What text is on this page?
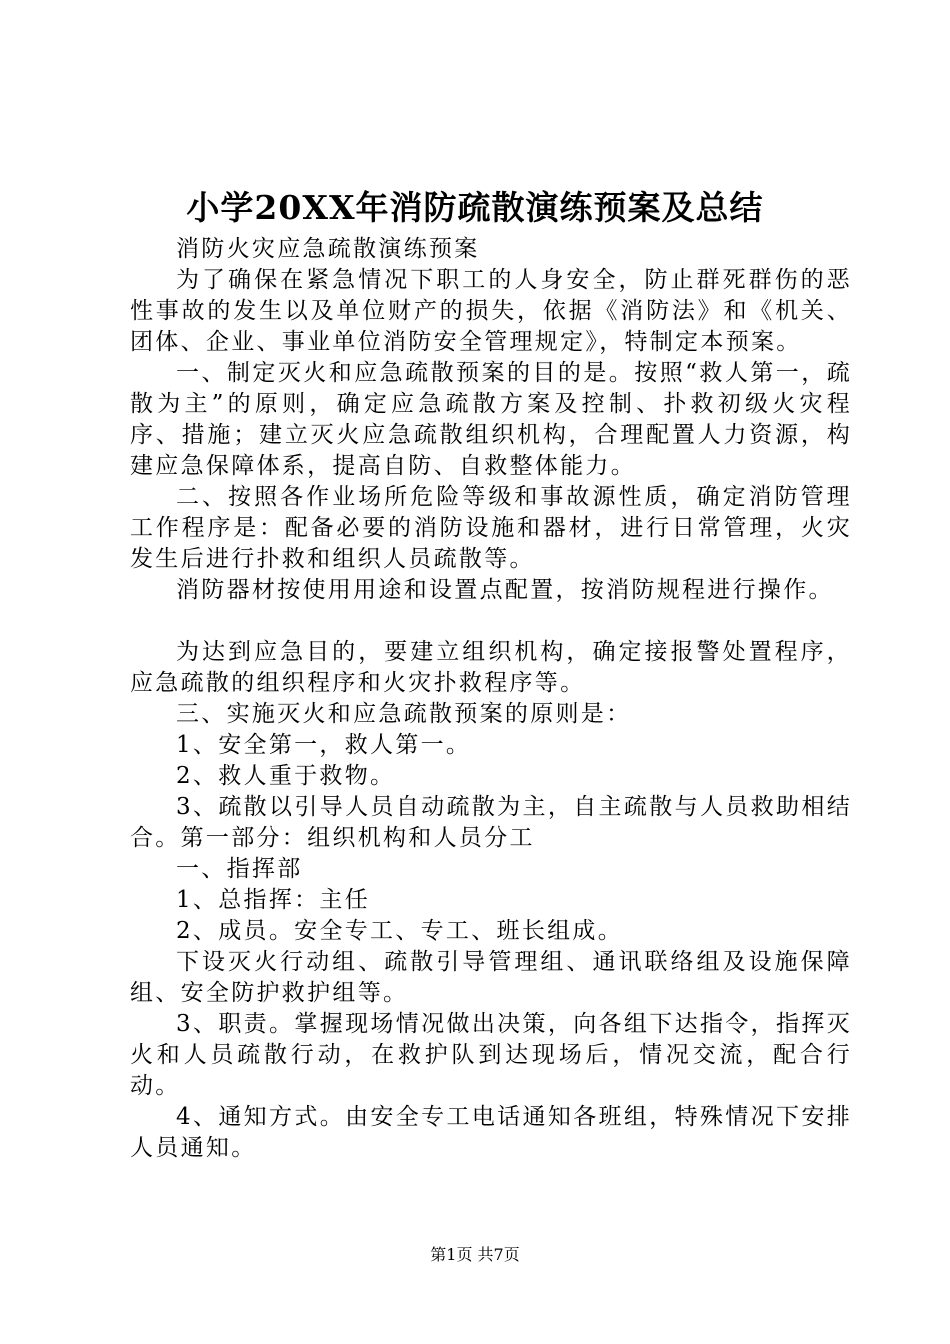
小学20XX年消防疏散演练预案及总结

消防火灾应急疏散演练预案

为了确保在紧急情况下职工的人身安全，防止群死群伤的恶性事故的发生以及单位财产的损失，依据《消防法》和《机关、团体、企业、事业单位消防安全管理规定》，特制定本预案。

一、制定灭火和应急疏散预案的目的是。按照“救人第一，疏散为主”的原则，确定应急疏散方案及控制、扑救初级火灾程序、措施；建立灭火应急疏散组织机构，合理配置人力资源，构建应急保障体系，提高自防、自救整体能力。

二、按照各作业场所危险等级和事故源性质，确定消防管理工作程序是：配备必要的消防设施和器材，进行日常管理，火灾发生后进行扑救和组织人员疏散等。

消防器材按使用用途和设置点配置，按消防规程进行操作。

为达到应急目的，要建立组织机构，确定接报警处置程序，应急疏散的组织程序和火灾扑救程序等。

三、实施灭火和应急疏散预案的原则是：

1、安全第一，救人第一。

2、救人重于救物。

3、疏散以引导人员自动疏散为主，自主疏散与人员救助相结合。第一部分：组织机构和人员分工

一、指挥部

1、总指挥：主任

2、成员。安全专工、专工、班长组成。

下设灭火行动组、疏散引导管理组、通讯联络组及设施保障组、安全防护救护组等。

3、职责。掌握现场情况做出决策，向各组下达指令，指挥灭火和人员疏散行动，在救护队到达现场后，情况交流，配合行动。

4、通知方式。由安全专工电话通知各班组，特殊情况下安排人员通知。

第1页 共7页
